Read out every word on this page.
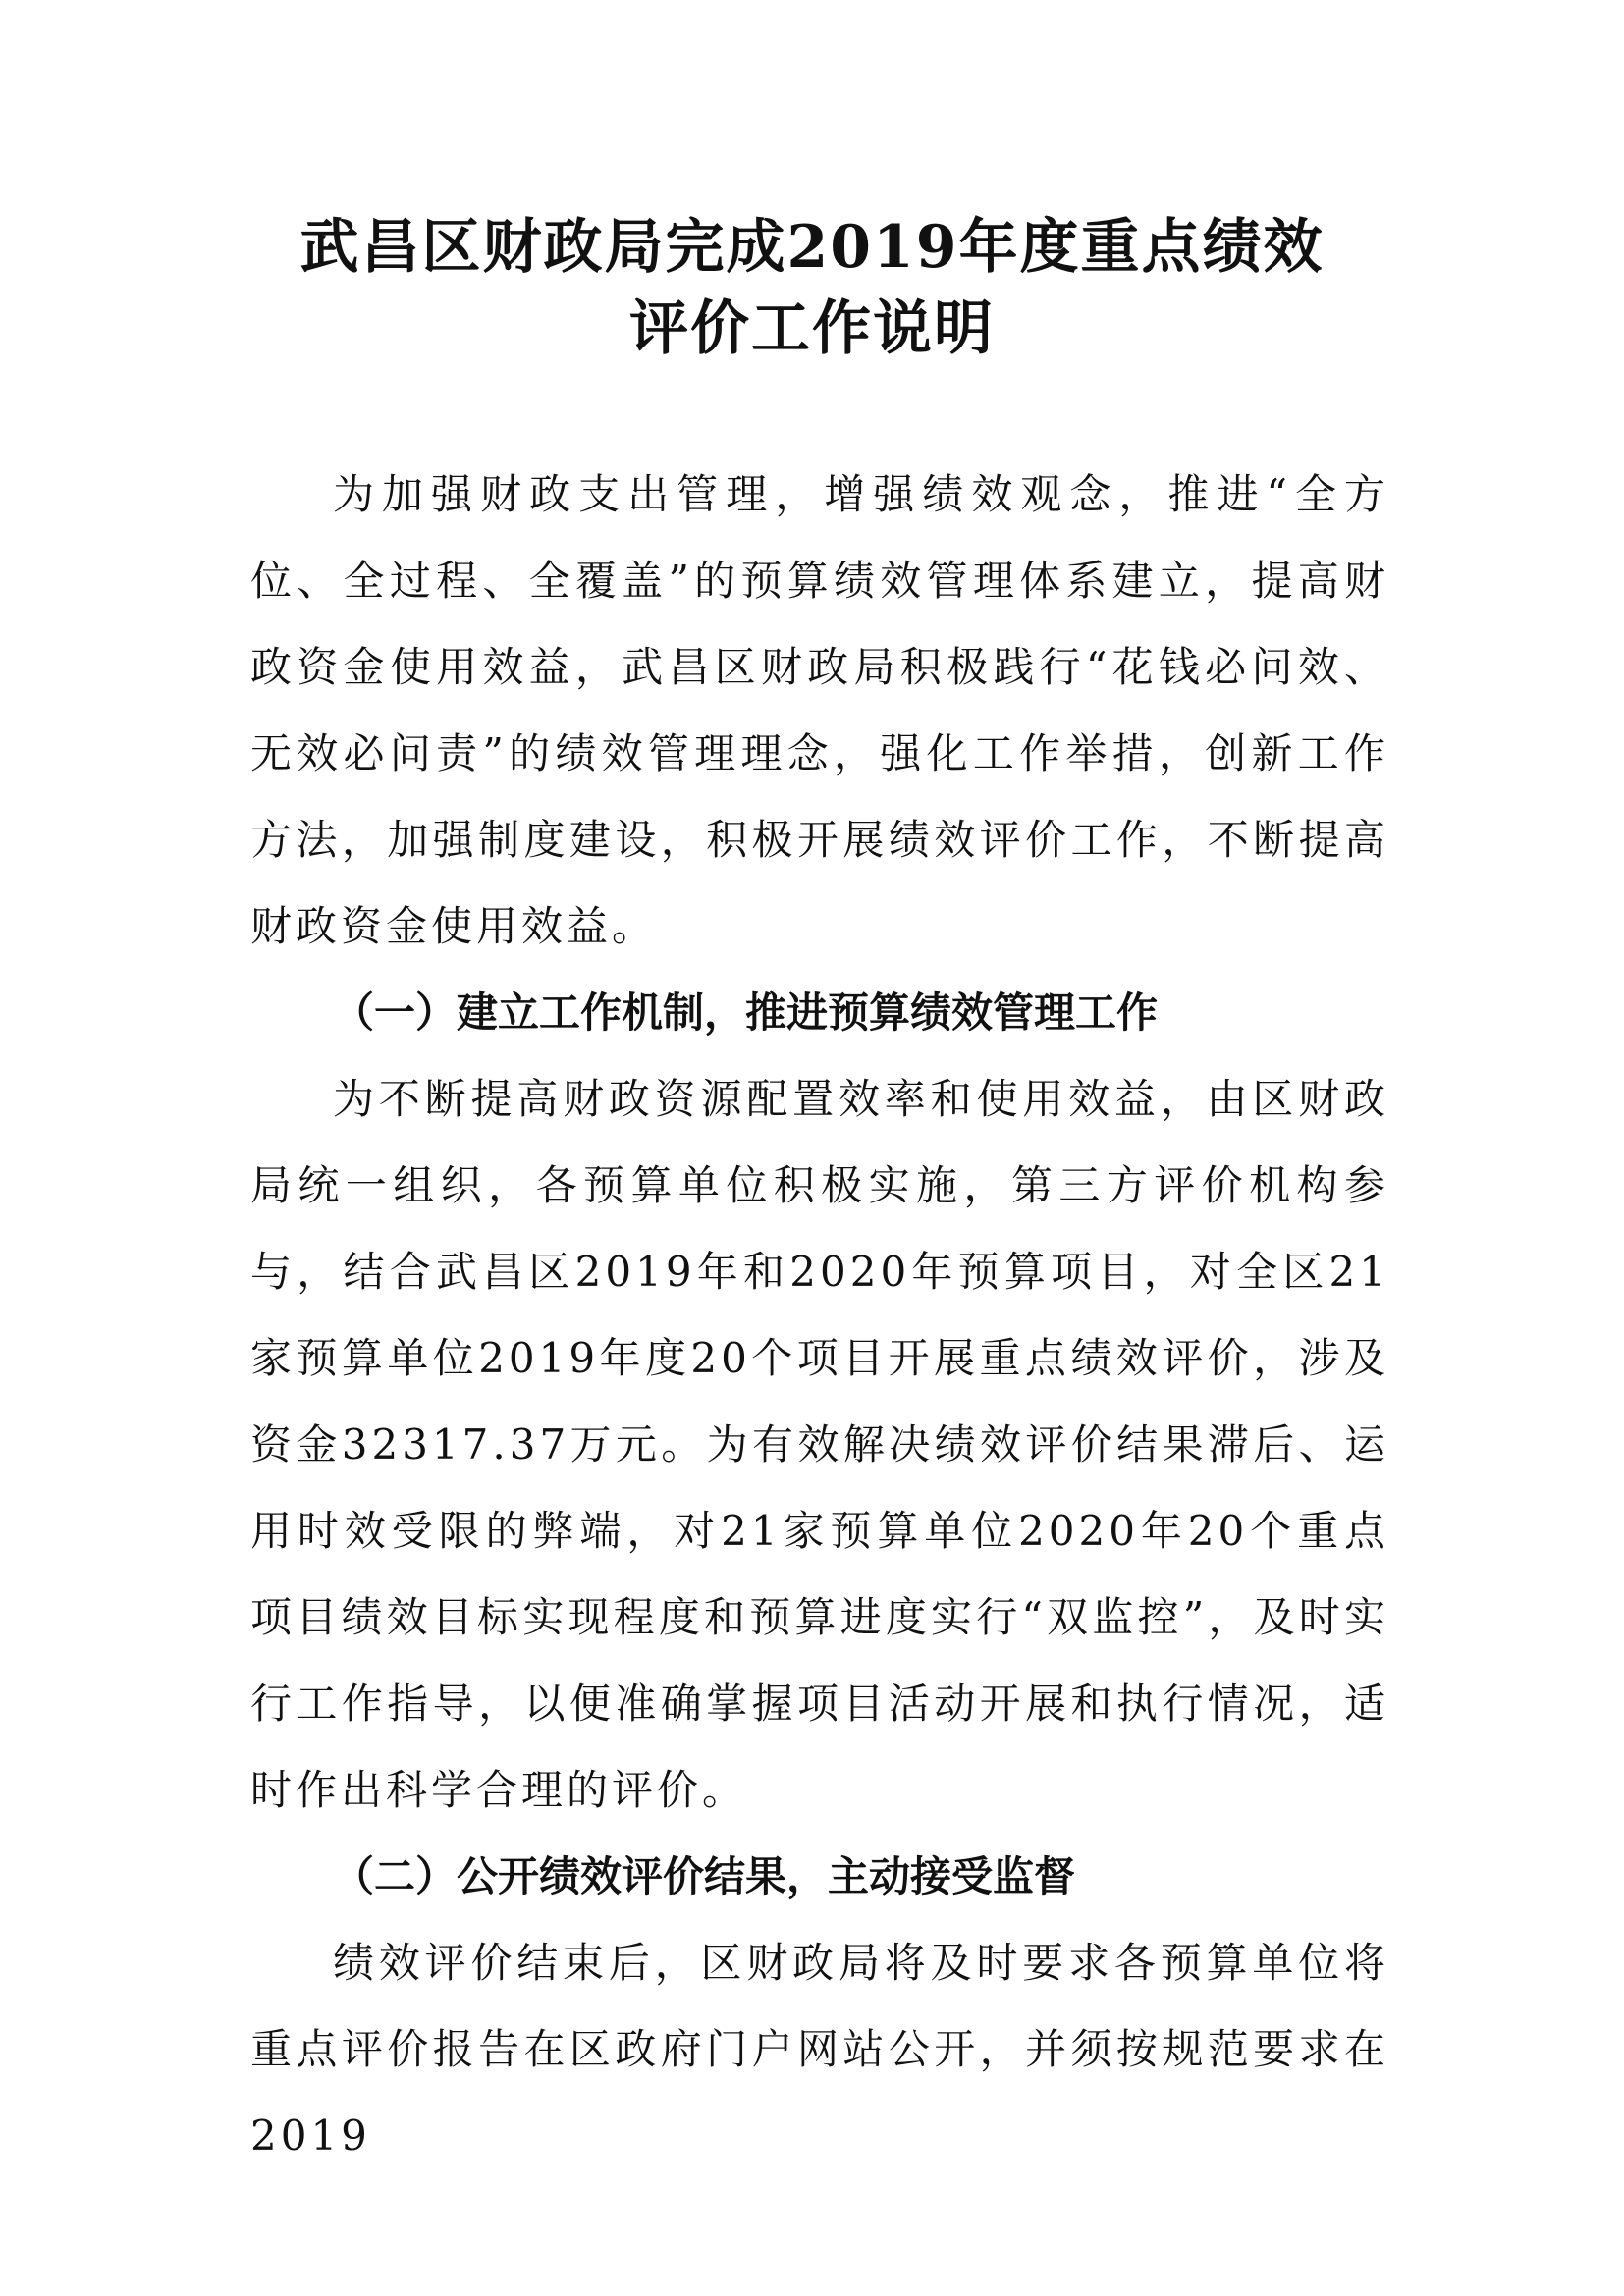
武昌区财政局完成2019年度重点绩效
评价工作说明

为加强财政支出管理，增强绩效观念，推进“全方位、全过程、全覆盖”的预算绩效管理体系建立，提高财政资金使用效益，武昌区财政局积极践行“花钱必问效、无效必问责”的绩效管理理念，强化工作举措，创新工作方法，加强制度建设，积极开展绩效评价工作，不断提高财政资金使用效益。

（一）建立工作机制，推进预算绩效管理工作

为不断提高财政资源配置效率和使用效益，由区财政局统一组织，各预算单位积极实施，第三方评价机构参与，结合武昌区2019年和2020年预算项目，对全区21家预算单位2019年度20个项目开展重点绩效评价，涉及资金32317.37万元。为有效解决绩效评价结果滞后、运用时效受限的弊端，对21家预算单位2020年20个重点项目绩效目标实现程度和预算进度实行“双监控”，及时实行工作指导，以便准确掌握项目活动开展和执行情况，适时作出科学合理的评价。

（二）公开绩效评价结果，主动接受监督

绩效评价结束后，区财政局将及时要求各预算单位将重点评价报告在区政府门户网站公开，并须按规范要求在2019
